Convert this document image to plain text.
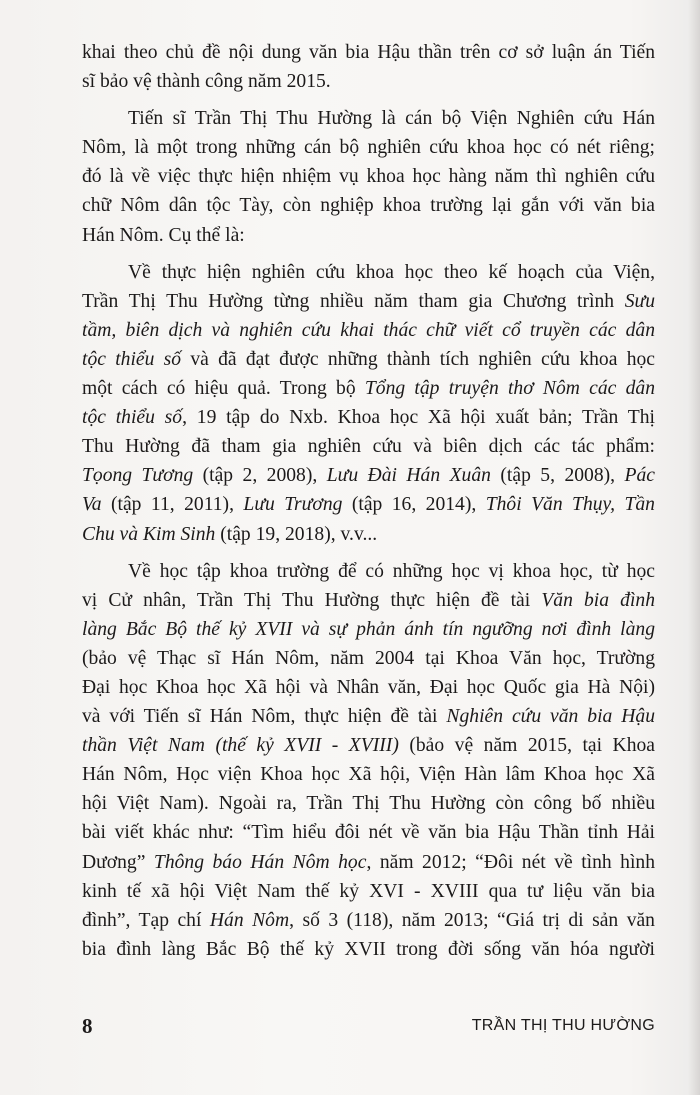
khai theo chủ đề nội dung văn bia Hậu thần trên cơ sở luận án Tiến
sĩ bảo vệ thành công năm 2015.
Tiến sĩ Trần Thị Thu Hường là cán bộ Viện Nghiên cứu Hán
Nôm, là một trong những cán bộ nghiên cứu khoa học có nét riêng;
đó là về việc thực hiện nhiệm vụ khoa học hàng năm thì nghiên cứu
chữ Nôm dân tộc Tày, còn nghiệp khoa trường lại gắn với văn bia
Hán Nôm. Cụ thể là:
Về thực hiện nghiên cứu khoa học theo kế hoạch của Viện,
Trần Thị Thu Hường từng nhiều năm tham gia Chương trình Sưu
tầm, biên dịch và nghiên cứu khai thác chữ viết cổ truyền các dân
tộc thiểu số và đã đạt được những thành tích nghiên cứu khoa học
một cách có hiệu quả. Trong bộ Tổng tập truyện thơ Nôm các dân
tộc thiểu số, 19 tập do Nxb. Khoa học Xã hội xuất bản; Trần Thị
Thu Hường đã tham gia nghiên cứu và biên dịch các tác phẩm:
Tọong Tương (tập 2, 2008), Lưu Đài Hán Xuân (tập 5, 2008), Pác
Va (tập 11, 2011), Lưu Trương (tập 16, 2014), Thôi Văn Thụy, Tần
Chu và Kim Sinh (tập 19, 2018), v.v...
Về học tập khoa trường để có những học vị khoa học, từ học
vị Cử nhân, Trần Thị Thu Hường thực hiện đề tài Văn bia đình
làng Bắc Bộ thế kỷ XVII và sự phản ánh tín ngưỡng nơi đình làng
(bảo vệ Thạc sĩ Hán Nôm, năm 2004 tại Khoa Văn học, Trường
Đại học Khoa học Xã hội và Nhân văn, Đại học Quốc gia Hà Nội)
và với Tiến sĩ Hán Nôm, thực hiện đề tài Nghiên cứu văn bia Hậu
thần Việt Nam (thế kỷ XVII - XVIII) (bảo vệ năm 2015, tại Khoa
Hán Nôm, Học viện Khoa học Xã hội, Viện Hàn lâm Khoa học Xã
hội Việt Nam). Ngoài ra, Trần Thị Thu Hường còn công bố nhiều
bài viết khác như: “Tìm hiểu đôi nét về văn bia Hậu Thần tỉnh Hải
Dương” Thông báo Hán Nôm học, năm 2012; “Đôi nét về tình hình
kinh tế xã hội Việt Nam thế kỷ XVI - XVIII qua tư liệu văn bia
đình”, Tạp chí Hán Nôm, số 3 (118), năm 2013; “Giá trị di sản văn
bia đình làng Bắc Bộ thế kỷ XVII trong đời sống văn hóa người
8	TRẦN THỊ THU HƯỜNG
